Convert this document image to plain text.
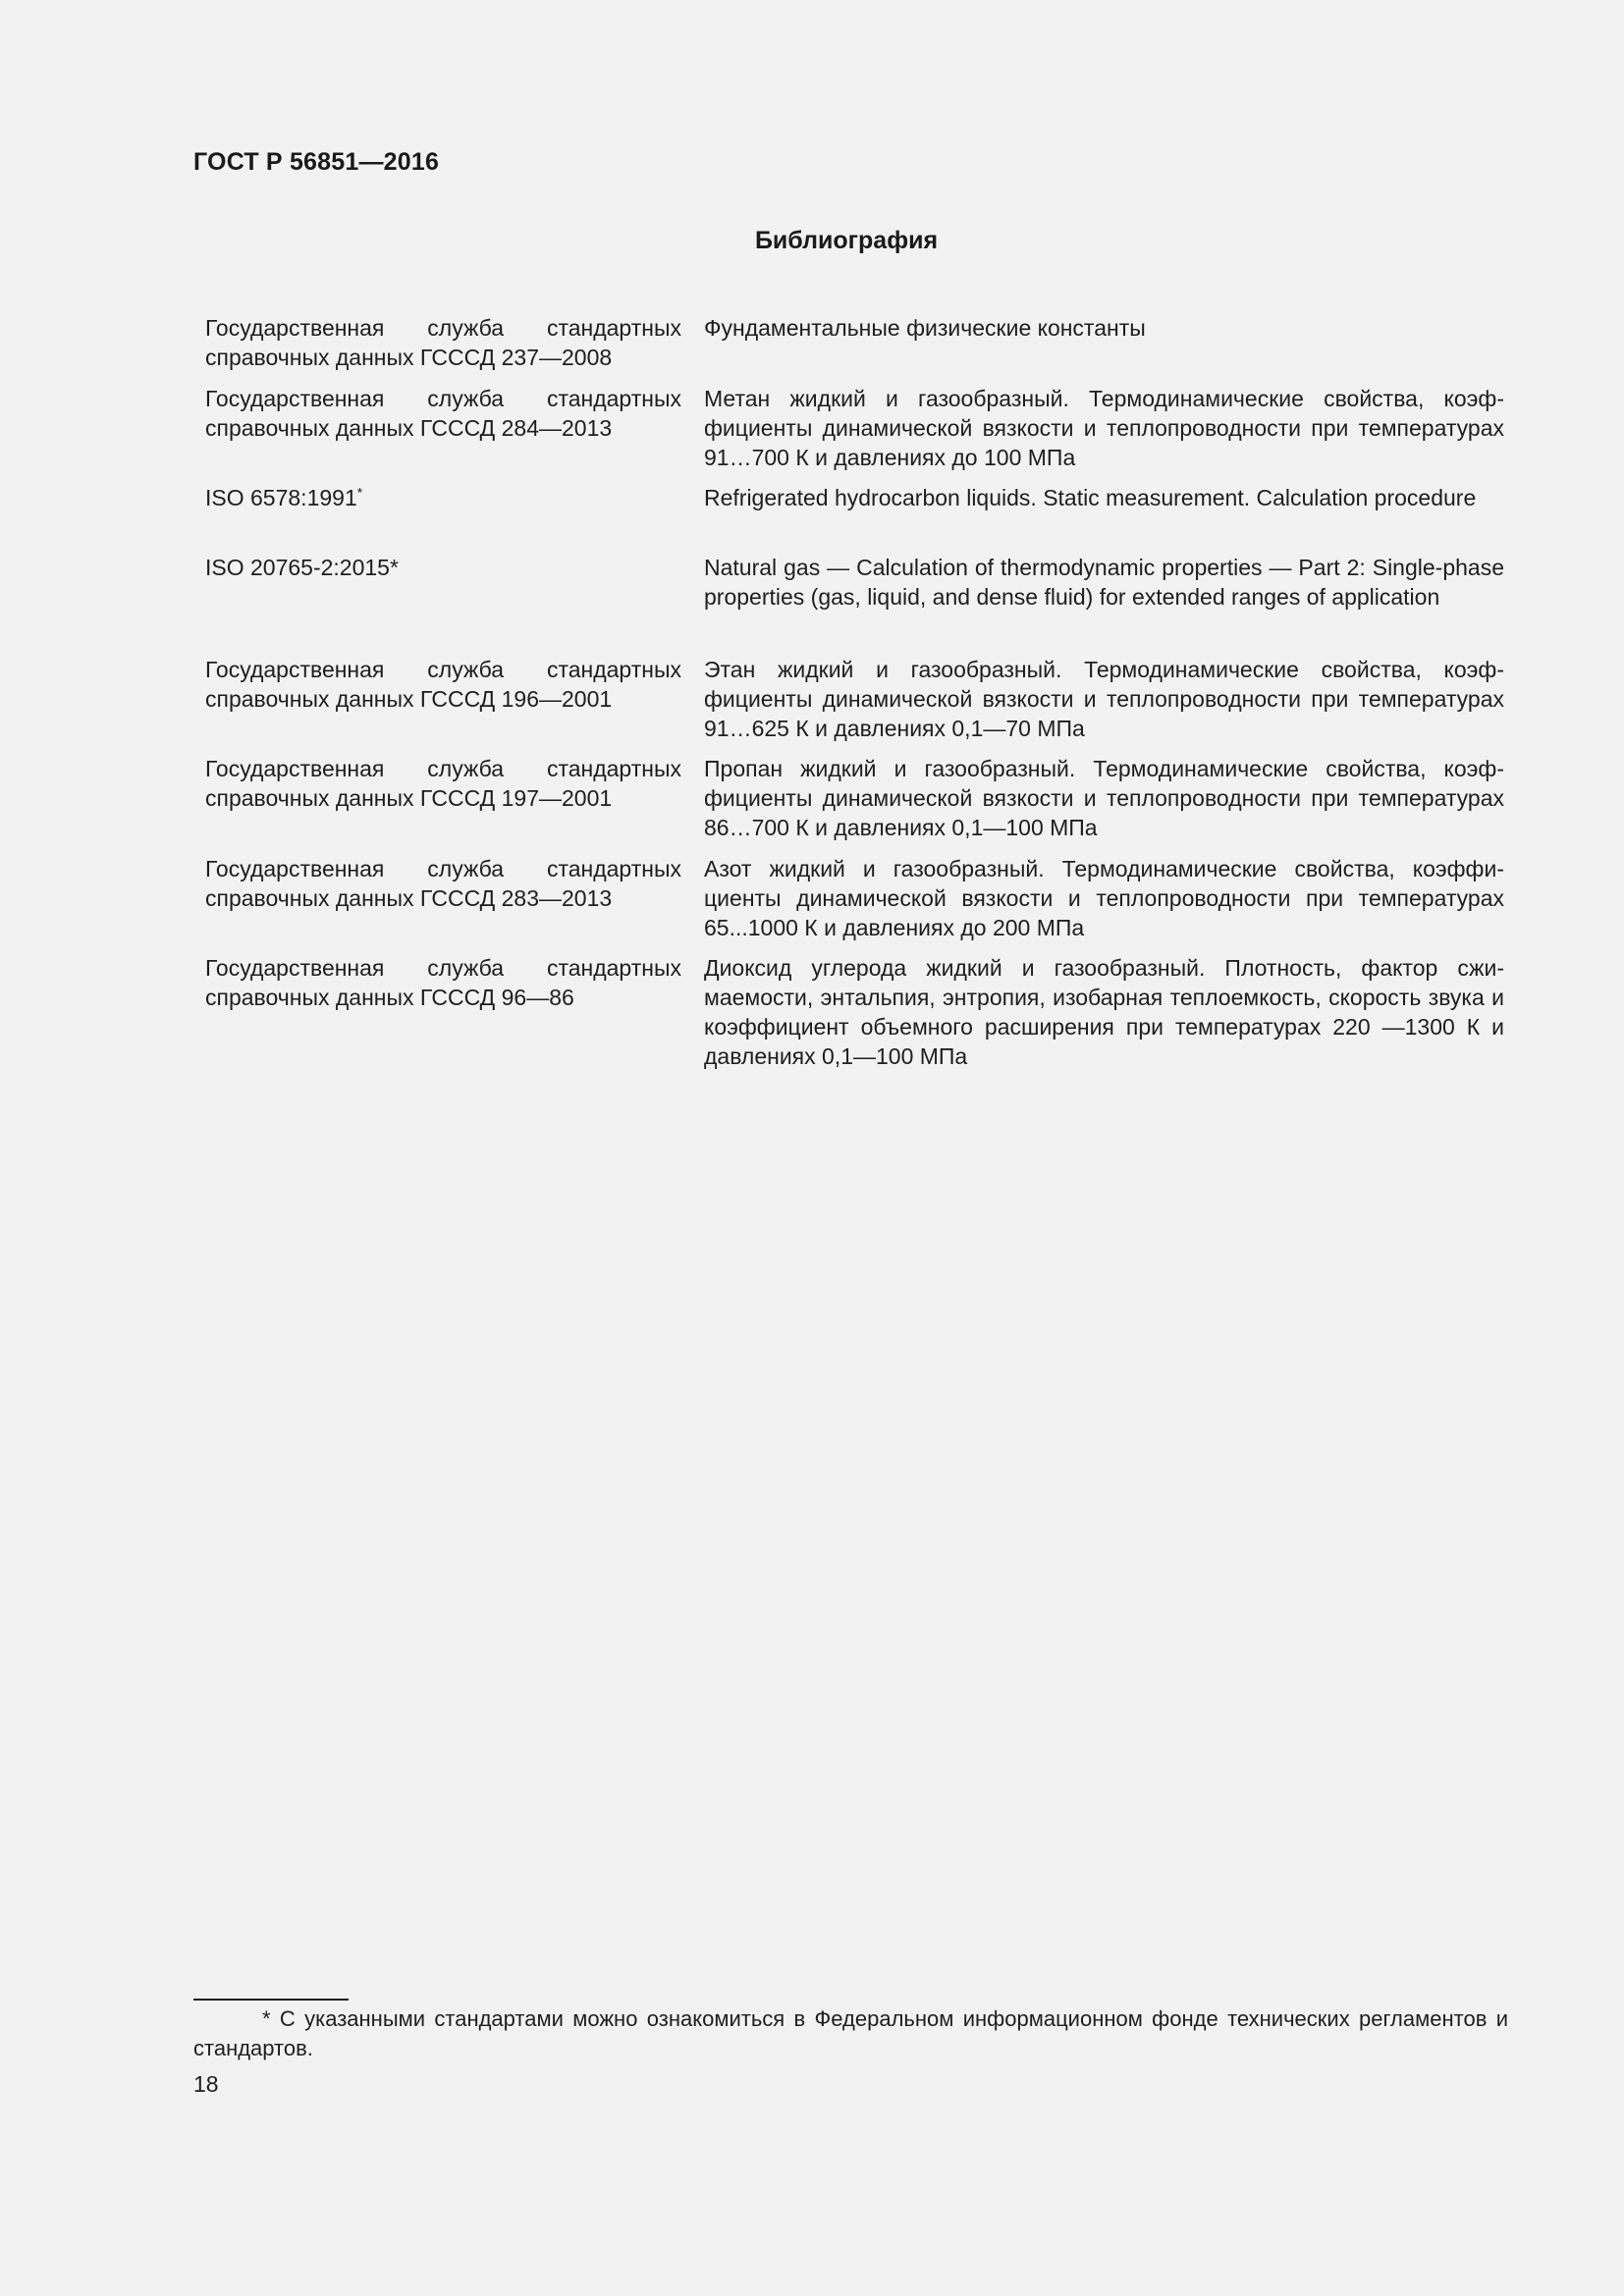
ГОСТ Р 56851—2016
Библиография
Государственная служба стандартных справочных данных ГСССД 237—2008
Фундаментальные физические константы
Государственная служба стандартных справочных данных ГСССД 284—2013
Метан жидкий и газообразный. Термодинамические свойства, коэффициенты динамической вязкости и теплопроводности при температурах 91…700 К и давлениях до 100 МПа
ISO 6578:1991*	Refrigerated hydrocarbon liquids. Static measurement. Calculation procedure
ISO 20765-2:2015*	Natural gas — Calculation of thermodynamic properties — Part 2: Single-phase properties (gas, liquid, and dense fluid) for extended ranges of application
Государственная служба стандартных справочных данных ГСССД 196—2001
Этан жидкий и газообразный. Термодинамические свойства, коэффициенты динамической вязкости и теплопроводности при температурах 91…625 К и давлениях 0,1—70 МПа
Государственная служба стандартных справочных данных ГСССД 197—2001
Пропан жидкий и газообразный. Термодинамические свойства, коэффициенты динамической вязкости и теплопроводности при температурах 86…700 К и давлениях 0,1—100 МПа
Государственная служба стандартных справочных данных ГСССД 283—2013
Азот жидкий и газообразный. Термодинамические свойства, коэффициенты динамической вязкости и теплопроводности при температурах 65...1000 К и давлениях до 200 МПа
Государственная служба стандартных справочных данных ГСССД 96—86
Диоксид углерода жидкий и газообразный. Плотность, фактор сжимаемости, энтальпия, энтропия, изобарная теплоемкость, скорость звука и коэффициент объемного расширения при температурах 220 —1300 К и давлениях 0,1—100 МПа
* С указанными стандартами можно ознакомиться в Федеральном информационном фонде технических регламентов и стандартов.
18
